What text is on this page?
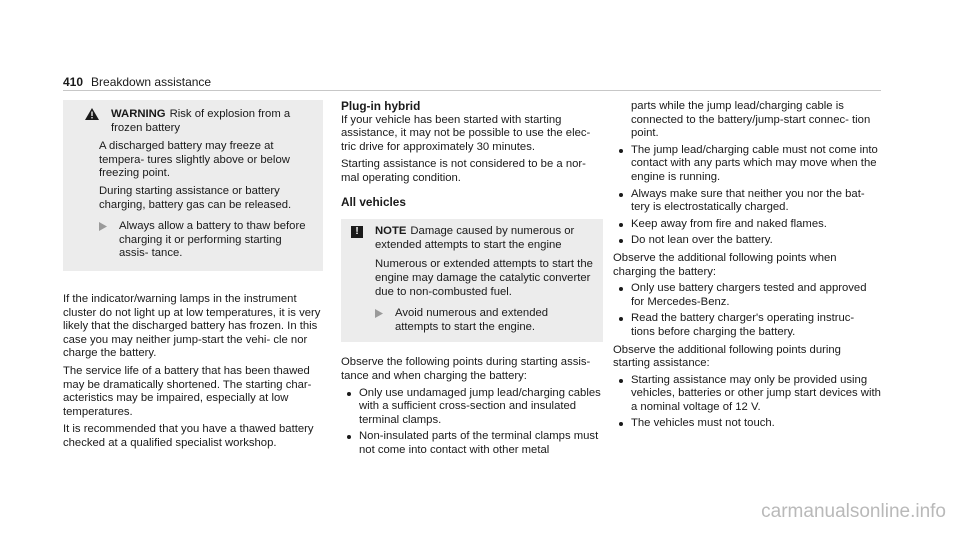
410 Breakdown assistance
WARNING Risk of explosion from a frozen battery

A discharged battery may freeze at tempera- tures slightly above or below freezing point.

During starting assistance or battery charging, battery gas can be released.

Always allow a battery to thaw before charging it or performing starting assis- tance.

If the indicator/warning lamps in the instrument cluster do not light up at low temperatures, it is very likely that the discharged battery has frozen. In this case you may neither jump-start the vehi- cle nor charge the battery.

The service life of a battery that has been thawed may be dramatically shortened. The starting char- acteristics may be impaired, especially at low temperatures.

It is recommended that you have a thawed battery checked at a qualified specialist workshop.

Plug-in hybrid

If your vehicle has been started with starting assistance, it may not be possible to use the elec- tric drive for approximately 30 minutes.

Starting assistance is not considered to be a nor- mal operating condition.

All vehicles

!	NOTE Damage caused by numerous or extended attempts to start the engine

Numerous or extended attempts to start the engine may damage the catalytic converter due to non-combusted fuel.

Avoid numerous and extended attempts to start the engine.

Observe the following points during starting assis- tance and when charging the battery:

Only use undamaged jump lead/charging cables with a sufficient cross-section and insulated terminal clamps.
Non-insulated parts of the terminal clamps must not come into contact with other metal

parts while the jump lead/charging cable is connected to the battery/jump-start connec- tion point.

The jump lead/charging cable must not come into contact with any parts which may move when the engine is running.
Always make sure that neither you nor the bat- tery is electrostatically charged.
Keep away from fire and naked flames.
Do not lean over the battery.

Observe the additional following points when charging the battery:

Only use battery chargers tested and approved for Mercedes-Benz.
Read the battery charger's operating instruc- tions before charging the battery.

Observe the additional following points during starting assistance:

Starting assistance may only be provided using vehicles, batteries or other jump start devices with a nominal voltage of 12 V.
The vehicles must not touch.
carmanualsonline.info
